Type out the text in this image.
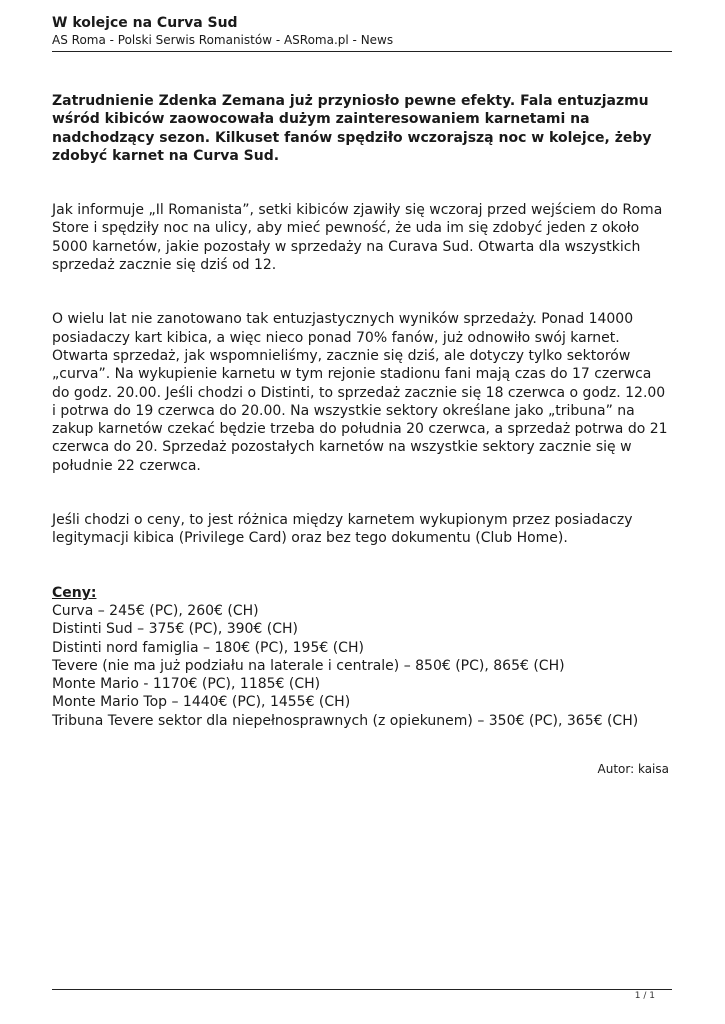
W kolejce na Curva Sud

AS Roma - Polski Serwis Romanistów - ASRoma.pl - News

Zatrudnienie Zdenka Zemana już przyniosło pewne efekty. Fala entuzjazmu wśród kibiców zaowocowała dużym zainteresowaniem karnetami na nadchodzący sezon. Kilkuset fanów spędziło wczorajszą noc w kolejce, żeby zdobyć karnet na Curva Sud.

Jak informuje „Il Romanista”, setki kibiców zjawiły się wczoraj przed wejściem do Roma Store i spędziły noc na ulicy, aby mieć pewność, że uda im się zdobyć jeden z około 5000 karnetów, jakie pozostały w sprzedaży na Curava Sud. Otwarta dla wszystkich sprzedaż zacznie się dziś od 12.

O wielu lat nie zanotowano tak entuzjastycznych wyników sprzedaży. Ponad 14000 posiadaczy kart kibica, a więc nieco ponad 70% fanów, już odnowiło swój karnet. Otwarta sprzedaż, jak wspomnieliśmy, zacznie się dziś, ale dotyczy tylko sektorów „curva”. Na wykupienie karnetu w tym rejonie stadionu fani mają czas do 17 czerwca do godz. 20.00. Jeśli chodzi o Distinti, to sprzedaż zacznie się 18 czerwca o godz. 12.00 i potrwa do 19 czerwca do 20.00. Na wszystkie sektory określane jako „tribuna” na zakup karnetów czekać będzie trzeba do południa 20 czerwca, a sprzedaż potrwa do 21 czerwca do 20. Sprzedaż pozostałych karnetów na wszystkie sektory zacznie się w południe 22 czerwca.

Jeśli chodzi o ceny, to jest różnica między karnetem wykupionym przez posiadaczy legitymacji kibica (Privilege Card) oraz bez tego dokumentu (Club Home).

Ceny:

Curva – 245€ (PC), 260€ (CH)
Distinti Sud – 375€ (PC), 390€ (CH)
Distinti nord famiglia – 180€ (PC), 195€ (CH)
Tevere (nie ma już podziału na laterale i centrale) – 850€ (PC), 865€ (CH)
Monte Mario - 1170€ (PC), 1185€ (CH)
Monte Mario Top – 1440€ (PC), 1455€ (CH)
Tribuna Tevere sektor dla niepełnosprawnych (z opiekunem) – 350€ (PC), 365€ (CH)
Autor: kaisa
1 / 1
